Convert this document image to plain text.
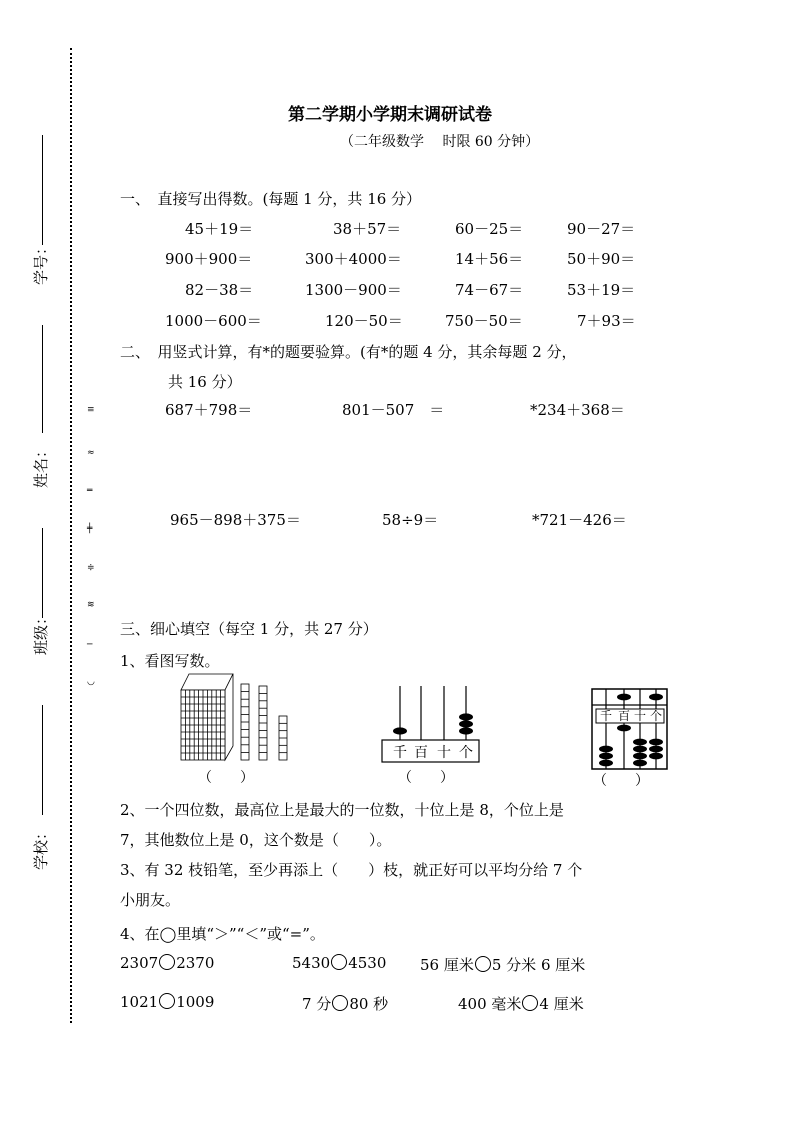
学号：
姓名：
班级：
学校：
≡
≈
═
╪
≑
≋
─
◡
第二学期小学期末调研试卷
（二年级数学　 时限 60 分钟）
一、　直接写出得数。(每题 1 分，共 16 分）
45＋19＝	38＋57＝	60－25＝	90－27＝
900＋900＝	300＋4000＝	14＋56＝	50＋90＝
82－38＝	1300－900＝	74－67＝	53＋19＝
1000－600＝	120－50＝	750－50＝	7＋93＝
二、　用竖式计算，有*的题要验算。(有*的题 4 分，其余每题 2 分，
共 16 分）
687＋798＝	801－507　＝	*234＋368＝
965－898＋375＝	58÷9＝	*721－426＝
三、细心填空（每空 1 分，共 27 分）
1、看图写数。
（　　）
千 百 十 个
（　　）
千 百 十 个
（　　）
2、一个四位数，最高位上是最大的一位数，十位上是 8，个位上是
7，其他数位上是 0，这个数是（　　）。
3、有 32 枝铅笔，至少再添上（　　）枝，就正好可以平均分给 7 个
小朋友。
4、在◯里填“＞”“＜”或“=”。
2307 2370	5430 4530 56 厘米 5 分米 6 厘米
1021 1009	7 分 80 秒	400 毫米 4 厘米
